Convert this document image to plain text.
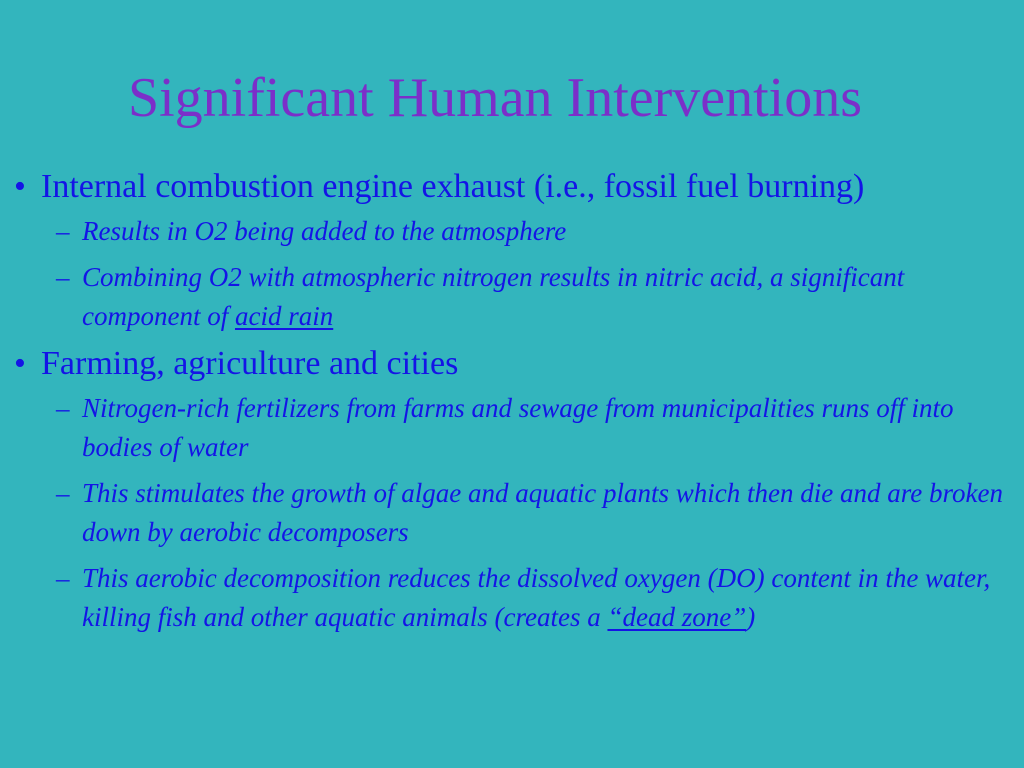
Significant Human Interventions
• Internal combustion engine exhaust (i.e., fossil fuel burning)
– Results in O2 being added to the atmosphere
– Combining O2 with atmospheric nitrogen results in nitric acid, a significant component of acid rain
• Farming, agriculture and cities
– Nitrogen-rich fertilizers from farms and sewage from municipalities runs off into bodies of water
– This stimulates the growth of algae and aquatic plants which then die and are broken down by aerobic decomposers
– This aerobic decomposition reduces the dissolved oxygen (DO) content in the water, killing fish and other aquatic animals (creates a “dead zone”)
